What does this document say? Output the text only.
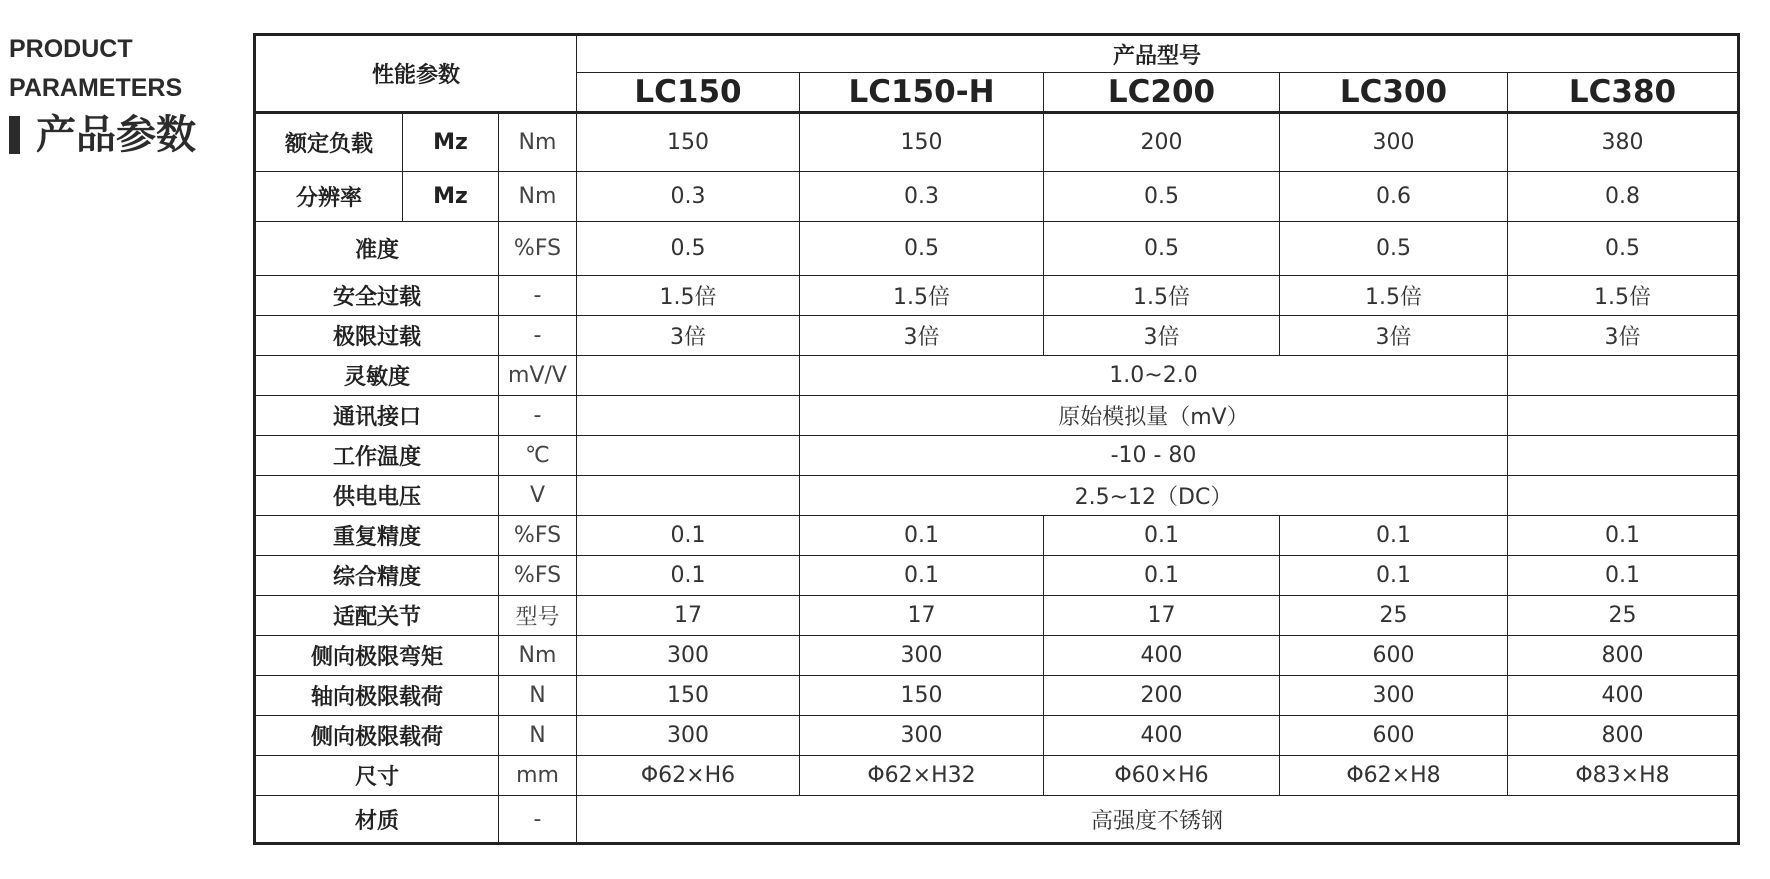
PRODUCT
PARAMETERS
产品参数
性能参数			产品型号				
			LC150	LC150-H	LC200	LC300	LC380
额定负载	Mz	Nm	150	150	200	300	380
分辨率	Mz	Nm	0.3	0.3	0.5	0.6	0.8
准度		%FS	0.5	0.5	0.5	0.5	0.5
安全过载		-	1.5倍	1.5倍	1.5倍	1.5倍	1.5倍
极限过载		-	3倍	3倍	3倍	3倍	3倍
灵敏度		mV/V		1.0~2.0			
通讯接口		-		原始模拟量（mV）			
工作温度		℃		-10 - 80			
供电电压		V		2.5~12（DC）			
重复精度		%FS	0.1	0.1	0.1	0.1	0.1
综合精度		%FS	0.1	0.1	0.1	0.1	0.1
适配关节		型号	17	17	17	25	25
侧向极限弯矩		Nm	300	300	400	600	800
轴向极限载荷		N	150	150	200	300	400
侧向极限载荷		N	300	300	400	600	800
尺寸		mm	Φ62×H6	Φ62×H32	Φ60×H6	Φ62×H8	Φ83×H8
材质		-	高强度不锈钢				
